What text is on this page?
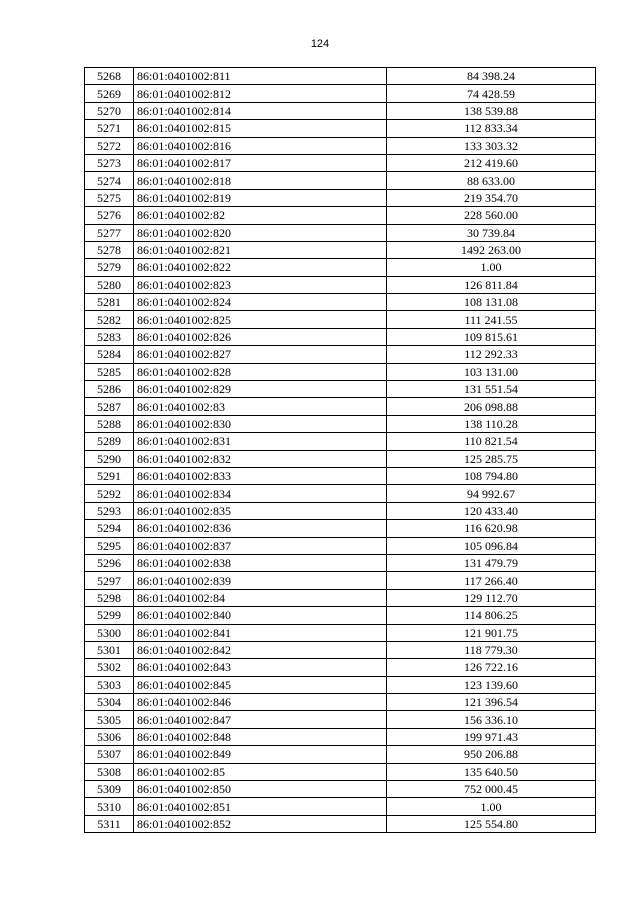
124
5268	86:01:0401002:811	84 398.24
5269	86:01:0401002:812	74 428.59
5270	86:01:0401002:814	138 539.88
5271	86:01:0401002:815	112 833.34
5272	86:01:0401002:816	133 303.32
5273	86:01:0401002:817	212 419.60
5274	86:01:0401002:818	88 633.00
5275	86:01:0401002:819	219 354.70
5276	86:01:0401002:82	228 560.00
5277	86:01:0401002:820	30 739.84
5278	86:01:0401002:821	1492 263.00
5279	86:01:0401002:822	1.00
5280	86:01:0401002:823	126 811.84
5281	86:01:0401002:824	108 131.08
5282	86:01:0401002:825	111 241.55
5283	86:01:0401002:826	109 815.61
5284	86:01:0401002:827	112 292.33
5285	86:01:0401002:828	103 131.00
5286	86:01:0401002:829	131 551.54
5287	86:01:0401002:83	206 098.88
5288	86:01:0401002:830	138 110.28
5289	86:01:0401002:831	110 821.54
5290	86:01:0401002:832	125 285.75
5291	86:01:0401002:833	108 794.80
5292	86:01:0401002:834	94 992.67
5293	86:01:0401002:835	120 433.40
5294	86:01:0401002:836	116 620.98
5295	86:01:0401002:837	105 096.84
5296	86:01:0401002:838	131 479.79
5297	86:01:0401002:839	117 266.40
5298	86:01:0401002:84	129 112.70
5299	86:01:0401002:840	114 806.25
5300	86:01:0401002:841	121 901.75
5301	86:01:0401002:842	118 779.30
5302	86:01:0401002:843	126 722.16
5303	86:01:0401002:845	123 139.60
5304	86:01:0401002:846	121 396.54
5305	86:01:0401002:847	156 336.10
5306	86:01:0401002:848	199 971.43
5307	86:01:0401002:849	950 206.88
5308	86:01:0401002:85	135 640.50
5309	86:01:0401002:850	752 000.45
5310	86:01:0401002:851	1.00
5311	86:01:0401002:852	125 554.80
